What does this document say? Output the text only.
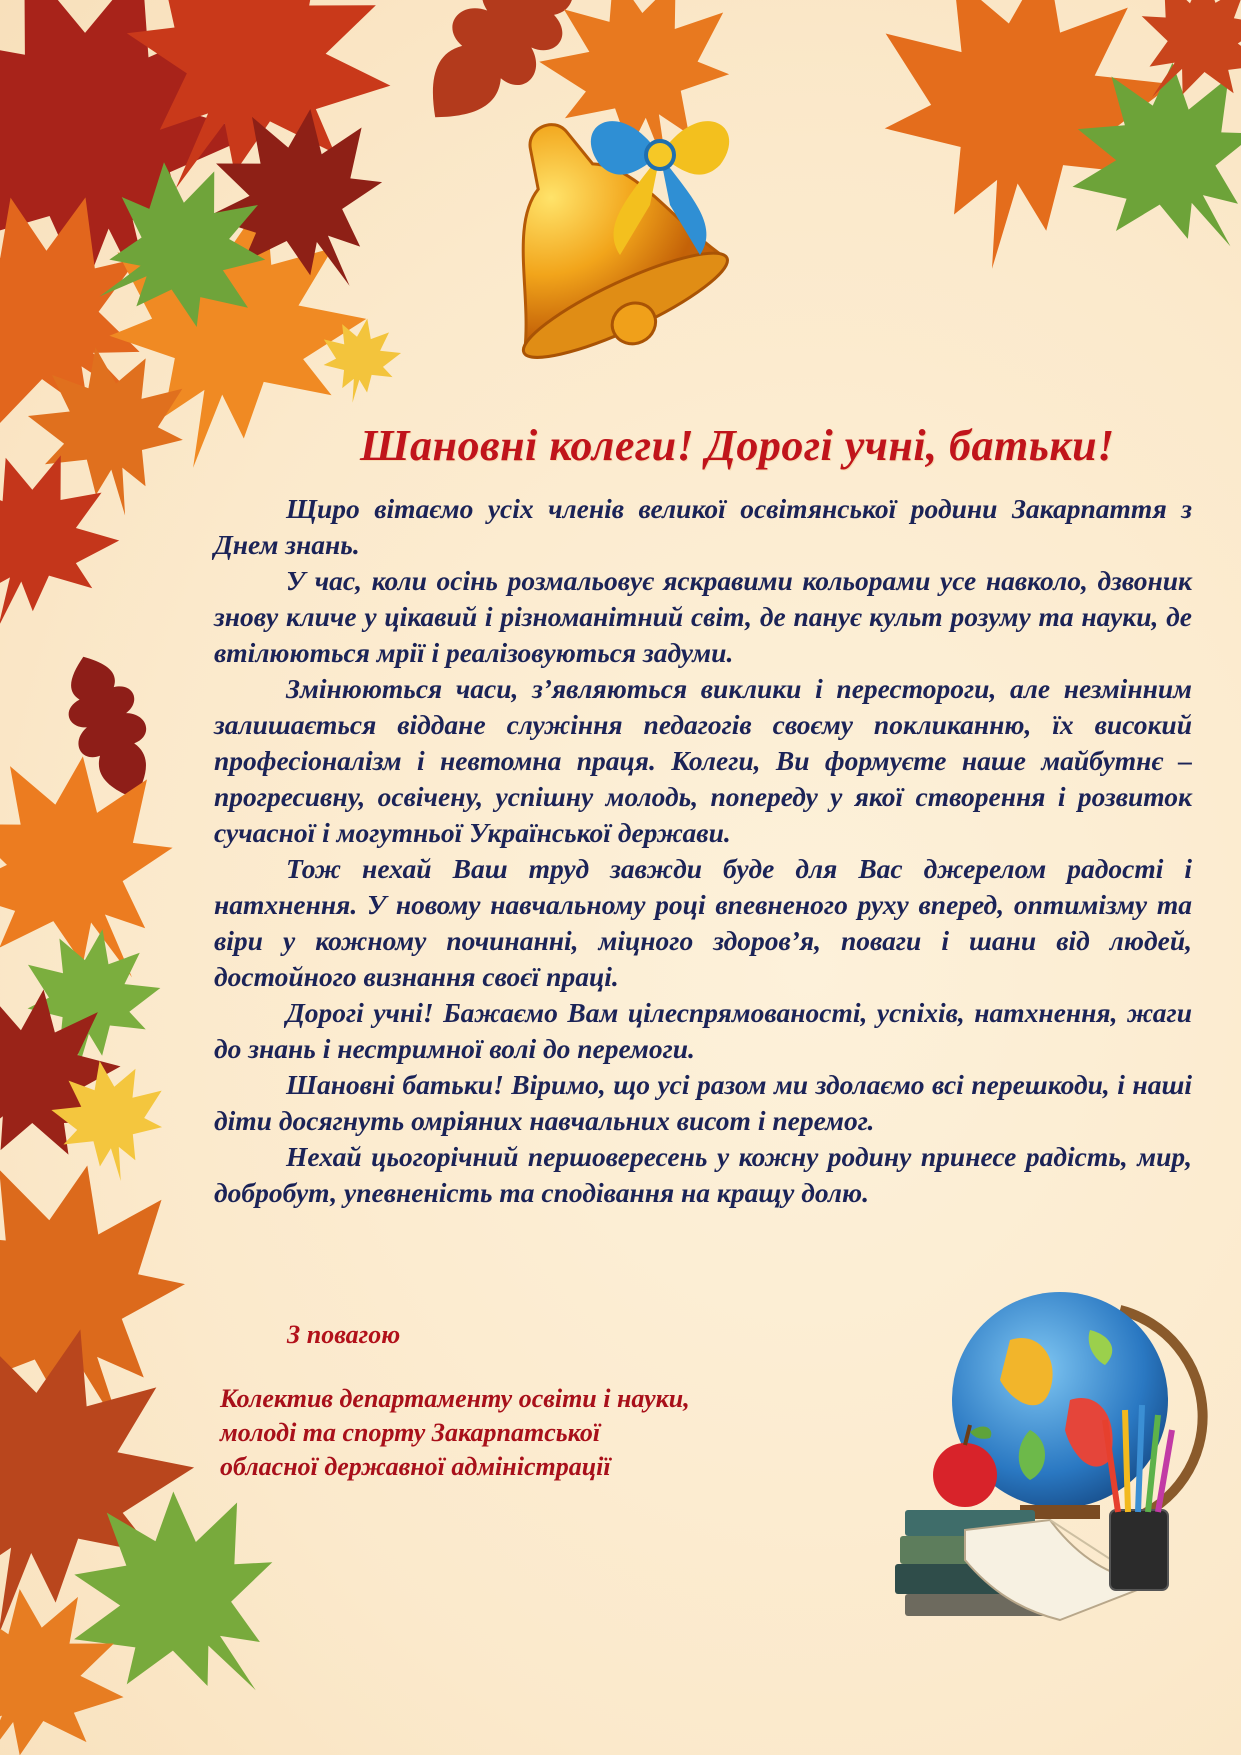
Шановні колеги! Дорогі учні, батьки!

Щиро вітаємо усіх членів великої освітянської родини Закарпаття з Днем знань.

У час, коли осінь розмальовує яскравими кольорами усе навколо, дзвоник знову кличе у цікавий і різноманітний світ, де панує культ розуму та науки, де втілюються мрії і реалізовуються задуми.

Змінюються часи, з’являються виклики і перестороги, але незмінним залишається віддане служіння педагогів своєму покликанню, їх високий професіоналізм і невтомна праця. Колеги, Ви формуєте наше майбутнє – прогресивну, освічену, успішну молодь, попереду у якої створення і розвиток сучасної і могутньої Української держави.

Тож нехай Ваш труд завжди буде для Вас джерелом радості і натхнення. У новому навчальному році впевненого руху вперед, оптимізму та віри у кожному починанні, міцного здоров’я, поваги і шани від людей, достойного визнання своєї праці.

Дорогі учні! Бажаємо Вам цілеспрямованості, успіхів, натхнення, жаги до знань і нестримної волі до перемоги.

Шановні батьки! Віримо, що усі разом ми здолаємо всі перешкоди, і наші діти досягнуть омріяних навчальних висот і перемог.

Нехай цьогорічний першовересень у кожну родину принесе радість, мир, добробут, упевненість та сподівання на кращу долю.

З повагою
Колектив департаменту освіти і науки,
молоді та спорту Закарпатської
обласної державної адміністрації
